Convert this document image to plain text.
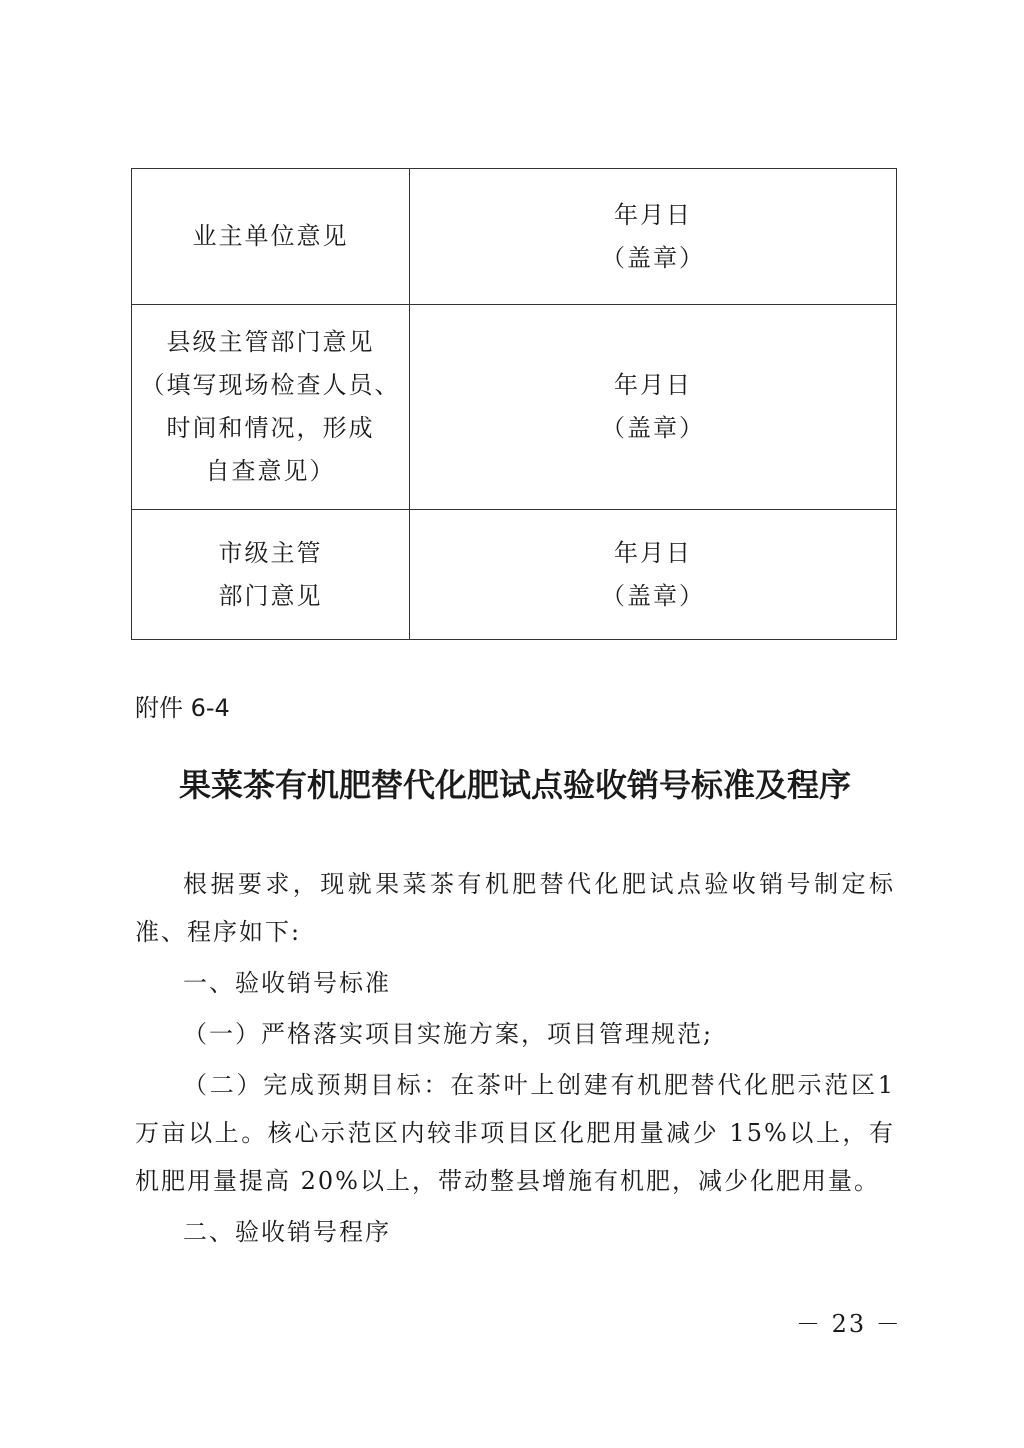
业主单位意见	年月日
（盖章）

县级主管部门意见
（填写现场检查人员、
时间和情况，形成
自查意见）	年月日
（盖章）

市级主管
部门意见	年月日
（盖章）
附件 6-4
果菜茶有机肥替代化肥试点验收销号标准及程序

根据要求，现就果菜茶有机肥替代化肥试点验收销号制定标准、程序如下:

一、验收销号标准

（一）严格落实项目实施方案，项目管理规范;

（二）完成预期目标：在茶叶上创建有机肥替代化肥示范区1万亩以上。核心示范区内较非项目区化肥用量减少 15%以上，有机肥用量提高 20%以上，带动整县增施有机肥，减少化肥用量。

二、验收销号程序

－ 23 －
